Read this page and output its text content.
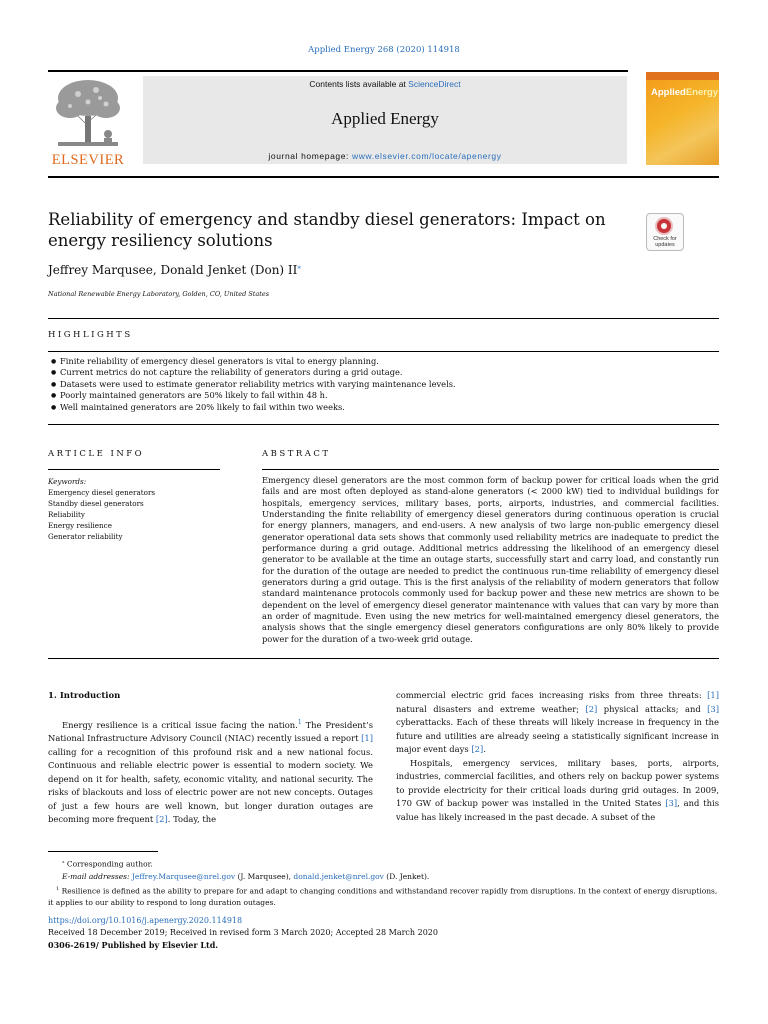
Applied Energy 268 (2020) 114918
ELSEVIER
Contents lists available at ScienceDirect
Applied Energy
journal homepage: www.elsevier.com/locate/apenergy
AppliedEnergy
Reliability of emergency and standby diesel generators: Impact on energy resiliency solutions	Check for
updates
Jeffrey Marqusee, Donald Jenket (Don) II⁎
National Renewable Energy Laboratory, Golden, CO, United States
HIGHLIGHTS
● Finite reliability of emergency diesel generators is vital to energy planning.
● Current metrics do not capture the reliability of generators during a grid outage.
● Datasets were used to estimate generator reliability metrics with varying maintenance levels.
● Poorly maintained generators are 50% likely to fail within 48 h.
● Well maintained generators are 20% likely to fail within two weeks.
ARTICLE INFO	ABSTRACT
Keywords:
Emergency diesel generators
Standby diesel generators
Reliability
Energy resilience
Generator reliability
Emergency diesel generators are the most common form of backup power for critical loads when the grid fails and are most often deployed as stand-alone generators (< 2000 kW) tied to individual buildings for hospitals, emergency services, military bases, ports, airports, industries, and commercial facilities. Understanding the finite reliability of emergency diesel generators during continuous operation is crucial for energy planners, managers, and end-users. A new analysis of two large non-public emergency diesel generator operational data sets shows that commonly used reliability metrics are inadequate to predict the performance during a grid outage. Additional metrics addressing the likelihood of an emergency diesel generator to be available at the time an outage starts, successfully start and carry load, and constantly run for the duration of the outage are needed to predict the continuous run-time reliability of emergency diesel generators during a grid outage. This is the first analysis of the reliability of modern generators that follow standard maintenance protocols commonly used for backup power and these new metrics are shown to be dependent on the level of emergency diesel generator maintenance with values that can vary by more than an order of magnitude. Even using the new metrics for well-maintained emergency diesel generators, the analysis shows that the single emergency diesel generators configurations are only 80% likely to provide power for the duration of a two-week grid outage.
1. Introduction

Energy resilience is a critical issue facing the nation.$^1$ The President’s National Infrastructure Advisory Council (NIAC) recently issued a report [1] calling for a recognition of this profound risk and a new national focus. Continuous and reliable electric power is essential to modern society. We depend on it for health, safety, economic vitality, and national security. The risks of blackouts and loss of electric power are not new concepts. Outages of just a few hours are well known, but longer duration outages are becoming more frequent [2]. Today, the

commercial electric grid faces increasing risks from three threats: [1] natural disasters and extreme weather; [2] physical attacks; and [3] cyberattacks. Each of these threats will likely increase in frequency in the future and utilities are already seeing a statistically significant increase in major event days [2].

Hospitals, emergency services, military bases, ports, airports, industries, commercial facilities, and others rely on backup power systems to provide electricity for their critical loads during grid outages. In 2009, 170 GW of backup power was installed in the United States [3], and this value has likely increased in the past decade. A subset of the

⁎ Corresponding author.
E-mail addresses: Jeffrey.Marqusee@nrel.gov (J. Marqusee), donald.jenket@nrel.gov (D. Jenket).
$^1$ Resilience is defined as the ability to prepare for and adapt to changing conditions and withstandand recover rapidly from disruptions. In the context of energy disruptions, it applies to our ability to respond to long duration outages.
https://doi.org/10.1016/j.apenergy.2020.114918
Received 18 December 2019; Received in revised form 3 March 2020; Accepted 28 March 2020
0306-2619/ Published by Elsevier Ltd.
